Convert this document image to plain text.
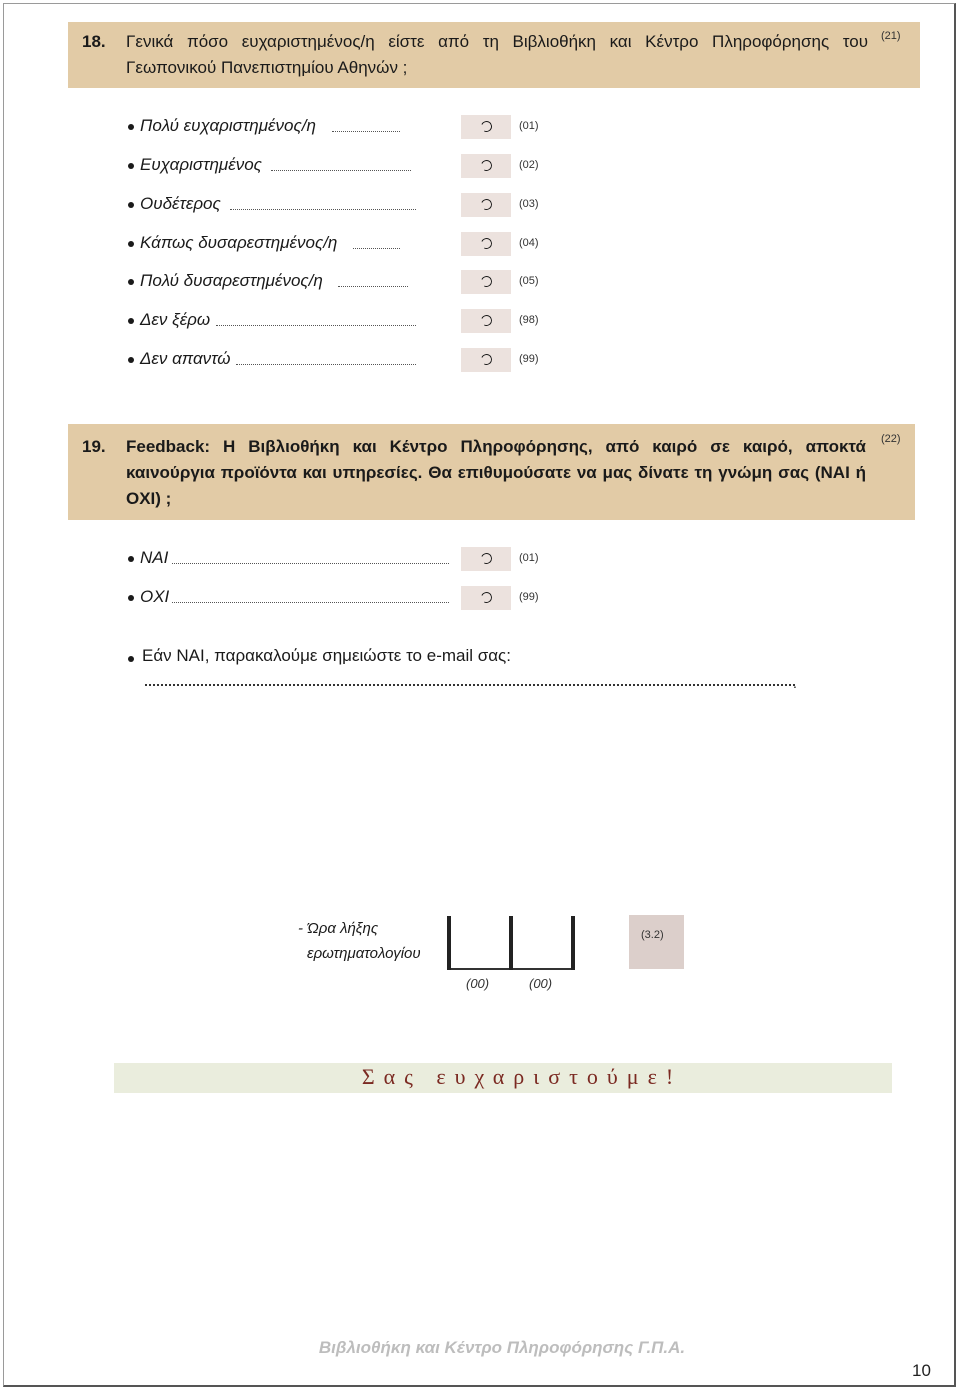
18. Γενικά πόσο ευχαριστημένος/η είστε από τη Βιβλιοθήκη και Κέντρο Πληροφόρησης του Γεωπονικού Πανεπιστημίου Αθηνών ;
(21)
Πολύ ευχαριστημένος/η	(01)
Ευχαριστημένος	(02)
Ουδέτερος	(03)
Κάπως δυσαρεστημένος/η	(04)
Πολύ δυσαρεστημένος/η	(05)
Δεν ξέρω	(98)
Δεν απαντώ	(99)
19. Feedback: Η Βιβλιοθήκη και Κέντρο Πληροφόρησης, από καιρό σε καιρό, αποκτά καινούργια προϊόντα και υπηρεσίες. Θα επιθυμούσατε να μας δίνατε τη γνώμη σας (ΝΑΙ ή ΟΧΙ) ;
(22)
ΝΑΙ	(01)
ΟΧΙ	(99)
Εάν ΝΑΙ, παρακαλούμε σημειώστε το e-mail σας:
.
- Ώρα λήξης
ερωτηματολογίου
(00)	(00)
(3.2)
Σας ευχαριστούμε!
Βιβλιοθήκη και Κέντρο Πληροφόρησης Γ.Π.Α.
10
